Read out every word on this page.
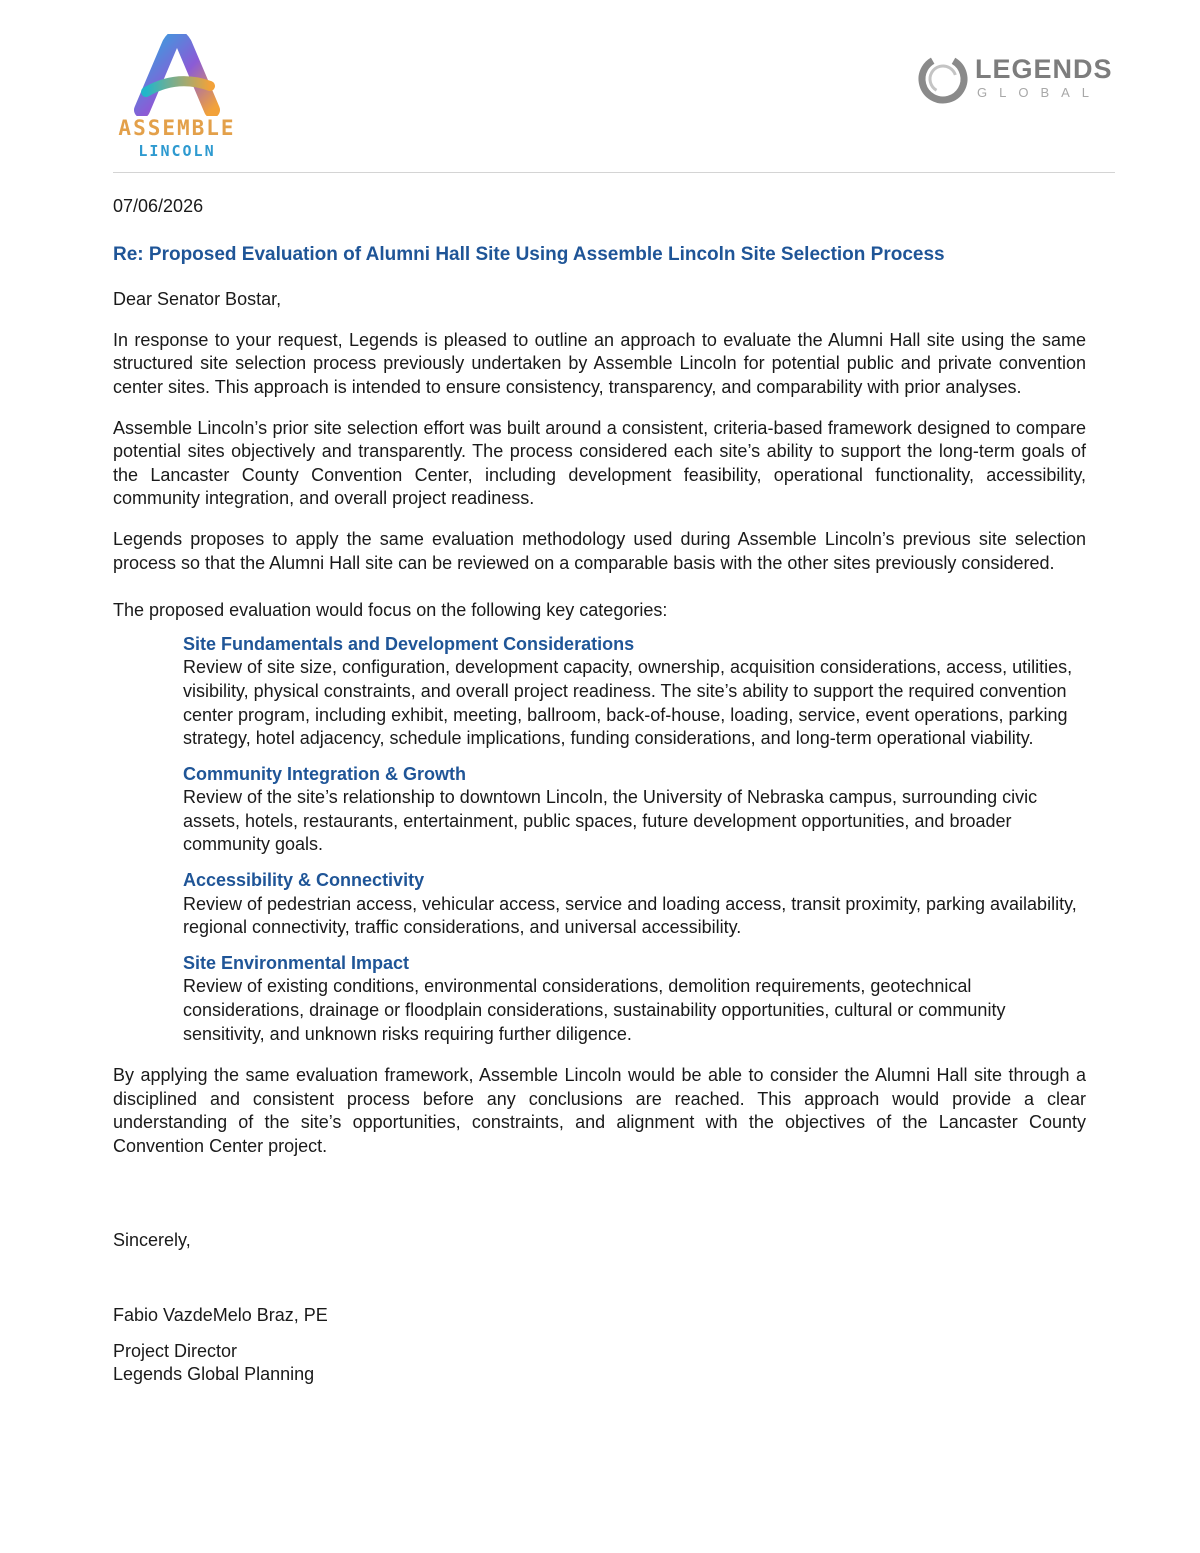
ASSEMBLE
LINCOLN
LEGENDS
GLOBAL

07/06/2026

Re: Proposed Evaluation of Alumni Hall Site Using Assemble Lincoln Site Selection Process

Dear Senator Bostar,

In response to your request, Legends is pleased to outline an approach to evaluate the Alumni Hall site using the same structured site selection process previously undertaken by Assemble Lincoln for potential public and private convention center sites. This approach is intended to ensure consistency, transparency, and comparability with prior analyses.

Assemble Lincoln’s prior site selection effort was built around a consistent, criteria-based framework designed to compare potential sites objectively and transparently. The process considered each site’s ability to support the long-term goals of the Lancaster County Convention Center, including development feasibility, operational functionality, accessibility, community integration, and overall project readiness.

Legends proposes to apply the same evaluation methodology used during Assemble Lincoln’s previous site selection process so that the Alumni Hall site can be reviewed on a comparable basis with the other sites previously considered.

The proposed evaluation would focus on the following key categories:

Site Fundamentals and Development Considerations
Review of site size, configuration, development capacity, ownership, acquisition considerations, access, utilities, visibility, physical constraints, and overall project readiness. The site’s ability to support the required convention center program, including exhibit, meeting, ballroom, back-of-house, loading, service, event operations, parking strategy, hotel adjacency, schedule implications, funding considerations, and long-term operational viability.
Community Integration & Growth
Review of the site’s relationship to downtown Lincoln, the University of Nebraska campus, surrounding civic assets, hotels, restaurants, entertainment, public spaces, future development opportunities, and broader community goals.
Accessibility & Connectivity
Review of pedestrian access, vehicular access, service and loading access, transit proximity, parking availability, regional connectivity, traffic considerations, and universal accessibility.
Site Environmental Impact
Review of existing conditions, environmental considerations, demolition requirements, geotechnical considerations, drainage or floodplain considerations, sustainability opportunities, cultural or community sensitivity, and unknown risks requiring further diligence.

By applying the same evaluation framework, Assemble Lincoln would be able to consider the Alumni Hall site through a disciplined and consistent process before any conclusions are reached. This approach would provide a clear understanding of the site’s opportunities, constraints, and alignment with the objectives of the Lancaster County Convention Center project.

Sincerely,

Fabio VazdeMelo Braz, PE

Project Director

Legends Global Planning
